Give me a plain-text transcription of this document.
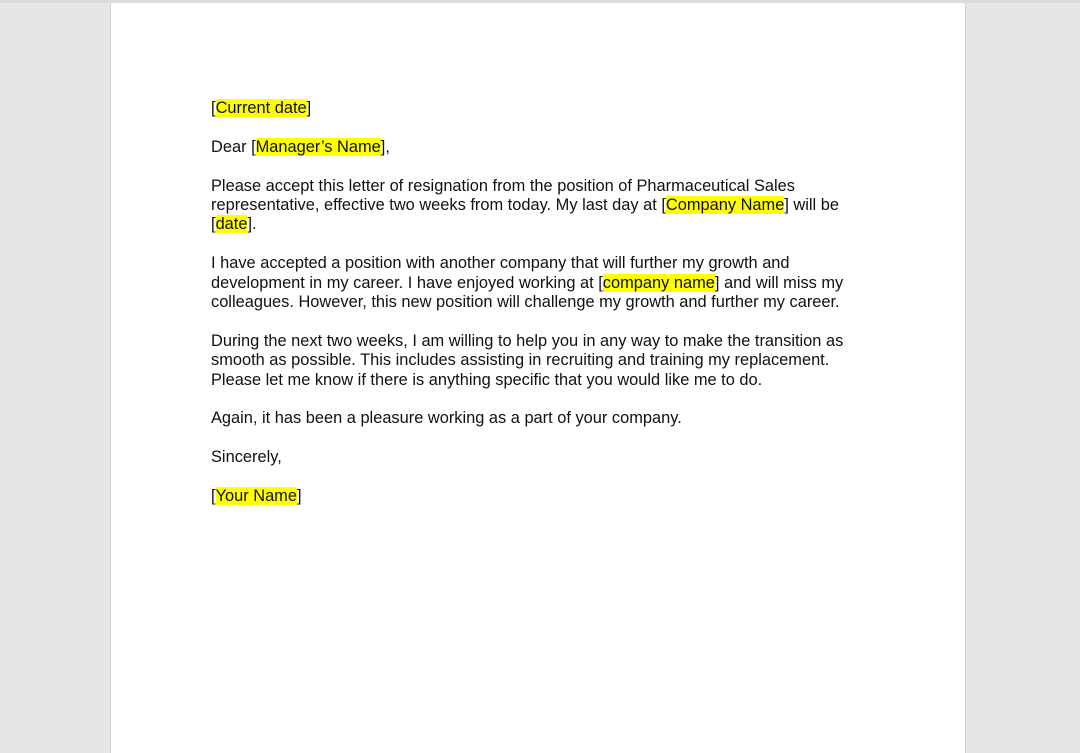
[Current date]

Dear [Manager’s Name],

Please accept this letter of resignation from the position of Pharmaceutical Sales representative, effective two weeks from today. My last day at [Company Name] will be [date].

I have accepted a position with another company that will further my growth and development in my career. I have enjoyed working at [company name] and will miss my colleagues. However, this new position will challenge my growth and further my career.

During the next two weeks, I am willing to help you in any way to make the transition as smooth as possible. This includes assisting in recruiting and training my replacement. Please let me know if there is anything specific that you would like me to do.

Again, it has been a pleasure working as a part of your company.

Sincerely,

[Your Name]
